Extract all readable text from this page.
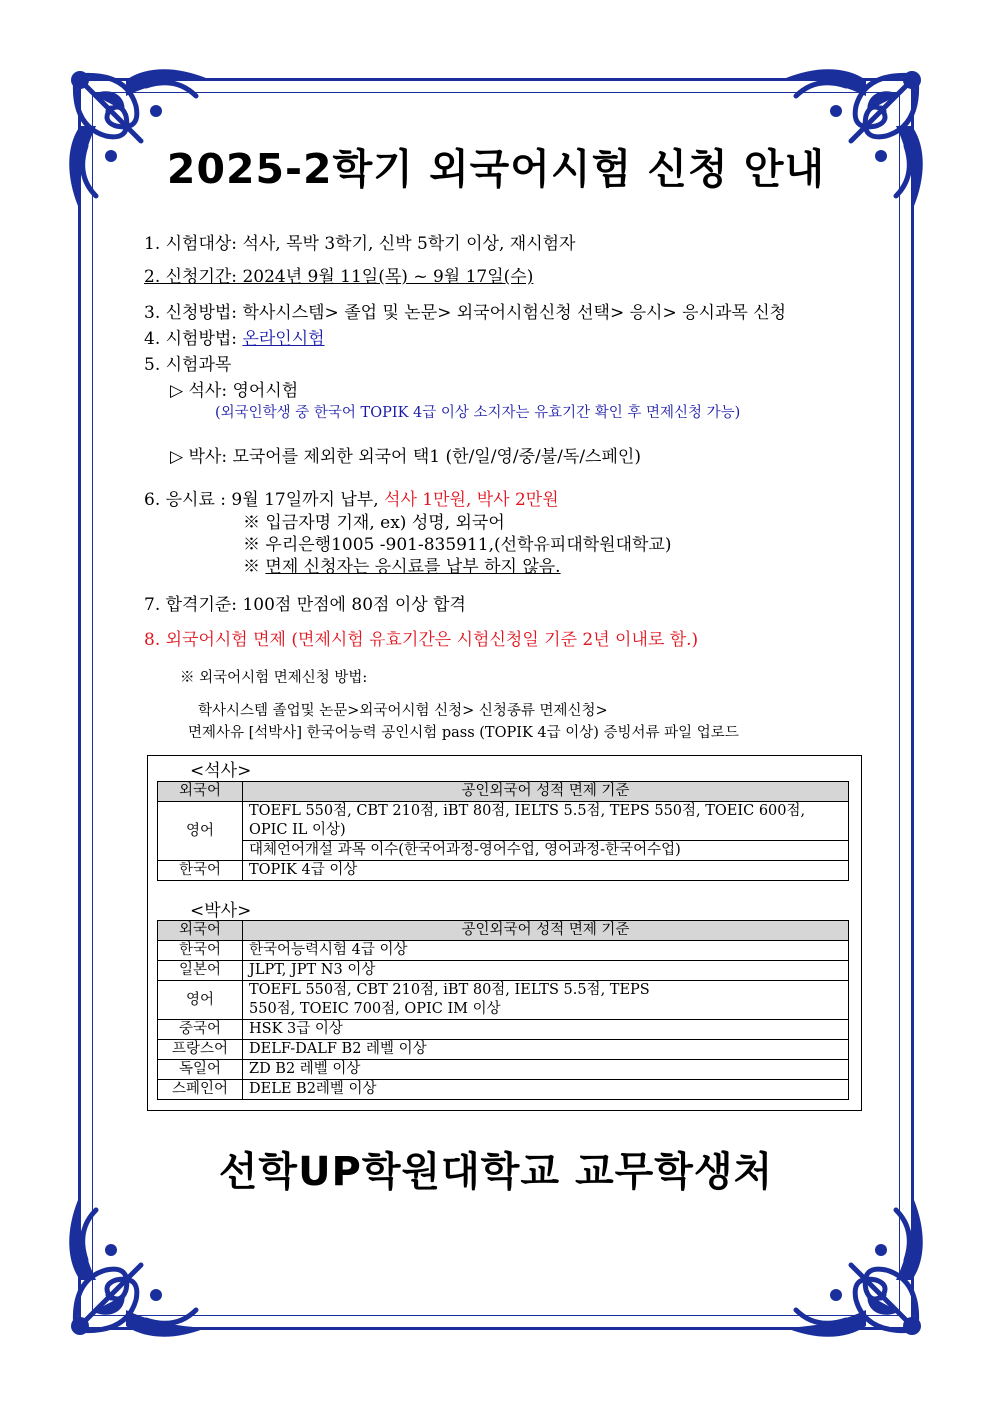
2025-2학기 외국어시험 신청 안내
1. 시험대상: 석사, 목박 3학기, 신박 5학기 이상, 재시험자
2. 신청기간: 2024년 9월 11일(목) ~ 9월 17일(수)
3. 신청방법: 학사시스템> 졸업 및 논문> 외국어시험신청 선택> 응시> 응시과목 신청
4. 시험방법: 온라인시험
5. 시험과목
▷ 석사: 영어시험
(외국인학생 중 한국어 TOPIK 4급 이상 소지자는 유효기간 확인 후 면제신청 가능)
▷ 박사: 모국어를 제외한 외국어 택1 (한/일/영/중/불/독/스페인)
6. 응시료 : 9월 17일까지 납부, 석사 1만원, 박사 2만원
※ 입금자명 기재, ex) 성명, 외국어
※ 우리은행1005 -901-835911,(선학유피대학원대학교)
※ 면제 신청자는 응시료를 납부 하지 않음.
7. 합격기준: 100점 만점에 80점 이상 합격
8. 외국어시험 면제 (면제시험 유효기간은 시험신청일 기준 2년 이내로 함.)
※ 외국어시험 면제신청 방법:
학사시스템 졸업및 논문>외국어시험 신청> 신청종류 면제신청>
면제사유 [석박사] 한국어능력 공인시험 pass (TOPIK 4급 이상) 증빙서류 파일 업로드
<석사>
외국어	공인외국어 성적 면제 기준
영어	TOEFL 550점, CBT 210점, iBT 80점, IELTS 5.5점, TEPS 550점, TOEIC 600점, OPIC IL 이상)
	대체언어개설 과목 이수(한국어과정-영어수업, 영어과정-한국어수업)
한국어	TOPIK 4급 이상
<박사>
외국어	공인외국어 성적 면제 기준
한국어	한국어능력시험 4급 이상
일본어	JLPT, JPT N3 이상
영어	TOEFL 550점, CBT 210점, iBT 80점, IELTS 5.5점, TEPS 550점, TOEIC 700점, OPIC IM 이상
중국어	HSK 3급 이상
프랑스어	DELF-DALF B2 레벨 이상
독일어	ZD B2 레벨 이상
스페인어	DELE B2레벨 이상
선학UP학원대학교 교무학생처
